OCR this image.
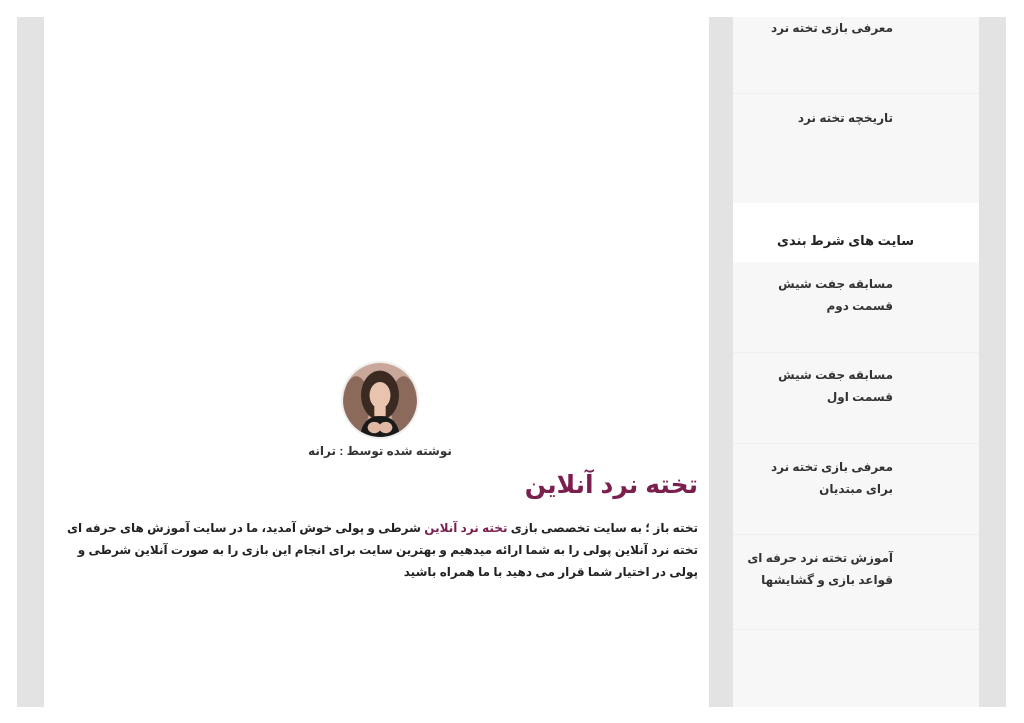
نوشته شده توسط : ترانه
تخته نرد آنلاین
تخته باز ؛ به سایت تخصصی بازی تخته نرد آنلاین شرطی و پولی خوش آمدید، ما در سایت آموزش های حرفه ای تخته نرد آنلاین پولی را به شما ارائه میدهیم و بهترین سایت برای انجام این بازی را به صورت آنلاین شرطی و پولی در اختیار شما قرار می دهید با ما همراه باشید
معرفی بازی تخته نرد
تاریخچه تخته نرد
سایت های شرط بندی
مسابقه جفت شیش قسمت دوم
مسابقه جفت شیش قسمت اول
معرفی بازی تخته نرد برای مبتدیان
آموزش تخته نرد حرفه ای قواعد بازی و گشایشها
